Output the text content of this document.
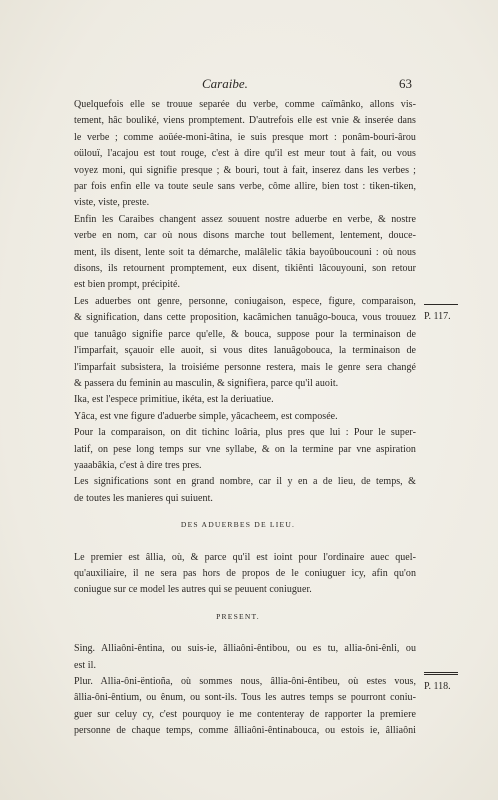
Caraibe.	63

Quelquefois elle se trouue separée du verbe, comme caïmânko, allons vis-
tement, hâc bouliké, viens promptement. D'autrefois elle est vnie & inserée dans
le verbe ; comme aoüée-moni-âtina, ie suis presque mort : ponâm-bouri-ârou
oülouï, l'acajou est tout rouge, c'est à dire qu'il est meur tout à fait, ou vous
voyez moni, qui signifie presque ; & bouri, tout à fait, inserez dans les verbes ;
par fois enfin elle va toute seule sans verbe, côme allire, bien tost : tiken-tiken,
viste, viste, preste.

Enfin les Caraibes changent assez souuent nostre aduerbe en verbe, & nostre
verbe en nom, car où nous disons marche tout bellement, lentement, douce-
ment, ils disent, lente soit ta démarche, malâlelic tâkia bayoûboucouni : où nous
disons, ils retournent promptement, eux disent, tikiênti lâcouyouni, son retour
est bien prompt, précipité.

Les aduerbes ont genre, personne, coniugaison, espece, figure, comparaison,
& signification, dans cette proposition, kacâmichen tanuâgo-bouca, vous trouuez
que tanuâgo signifie parce qu'elle, & bouca, suppose pour la terminaison de
l'imparfait, sçauoir elle auoit, si vous dites lanuâgobouca, la terminaison de
l'imparfait subsistera, la troisiéme personne restera, mais le genre sera changé
& passera du feminin au masculin, & signifiera, parce qu'il auoit.

Ika, est l'espece primitiue, ikéta, est la deriuatiue.

Yâca, est vne figure d'aduerbe simple, yâcacheem, est composée.

Pour la comparaison, on dit tichinc loâria, plus pres que lui : Pour le super-
latif, on pese long temps sur vne syllabe, & on la termine par vne aspiration
yaaabâkia, c'est à dire tres pres.

Les significations sont en grand nombre, car il y en a de lieu, de temps, &
de toutes les manieres qui suiuent.

DES ADUERBES DE LIEU.

Le premier est âllia, où, & parce qu'il est ioint pour l'ordinaire auec quel-
qu'auxiliaire, il ne sera pas hors de propos de le coniuguer icy, afin qu'on
coniugue sur ce model les autres qui se peuuent coniuguer.

PRESENT.

Sing. Alliaôni-êntina, ou suis-ie, âlliaôni-êntibou, ou es tu, allia-ôni-ênli, ou
est il.

Plur. Allia-ôni-ëntioña, où sommes nous, âllia-ôni-êntibeu, où estes vous,
âllia-ôni-êntium, ou ênum, ou sont-ils. Tous les autres temps se pourront coniu-
guer sur celuy cy, c'est pourquoy ie me contenteray de rapporter la premiere
personne de chaque temps, comme âlliaôni-êntinabouca, ou estois ie, âlliaôni

P. 117.
P. 118.
